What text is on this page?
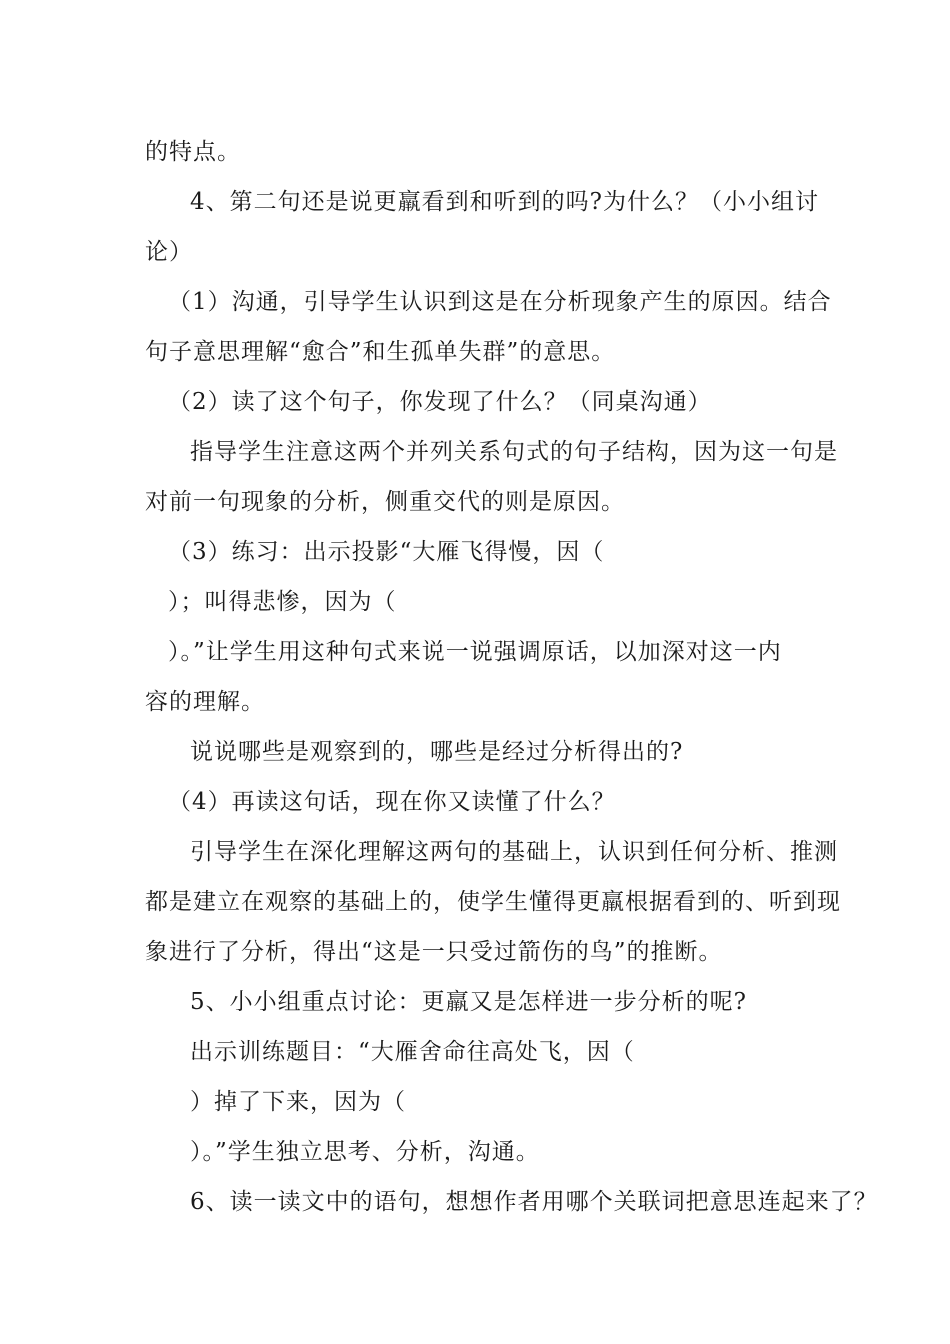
的特点。
4、第二句还是说更羸看到和听到的吗?为什么？（小小组讨
论）
（1）沟通，引导学生认识到这是在分析现象产生的原因。结合
句子意思理解“愈合”和生孤单失群”的意思。
（2）读了这个句子，你发现了什么？（同桌沟通）
指导学生注意这两个并列关系句式的句子结构，因为这一句是
对前一句现象的分析，侧重交代的则是原因。
（3）练习：出示投影“大雁飞得慢，因（
）；叫得悲惨，因为（
）。”让学生用这种句式来说一说强调原话，以加深对这一内
容的理解。
说说哪些是观察到的，哪些是经过分析得出的?
（4）再读这句话，现在你又读懂了什么？
引导学生在深化理解这两句的基础上，认识到任何分析、推测
都是建立在观察的基础上的，使学生懂得更羸根据看到的、听到现
象进行了分析，得出“这是一只受过箭伤的鸟”的推断。
5、小小组重点讨论：更羸又是怎样进一步分析的呢?
出示训练题目：“大雁舍命往高处飞，因（
）掉了下来，因为（
）。”学生独立思考、分析，沟通。
6、读一读文中的语句，想想作者用哪个关联词把意思连起来了？
